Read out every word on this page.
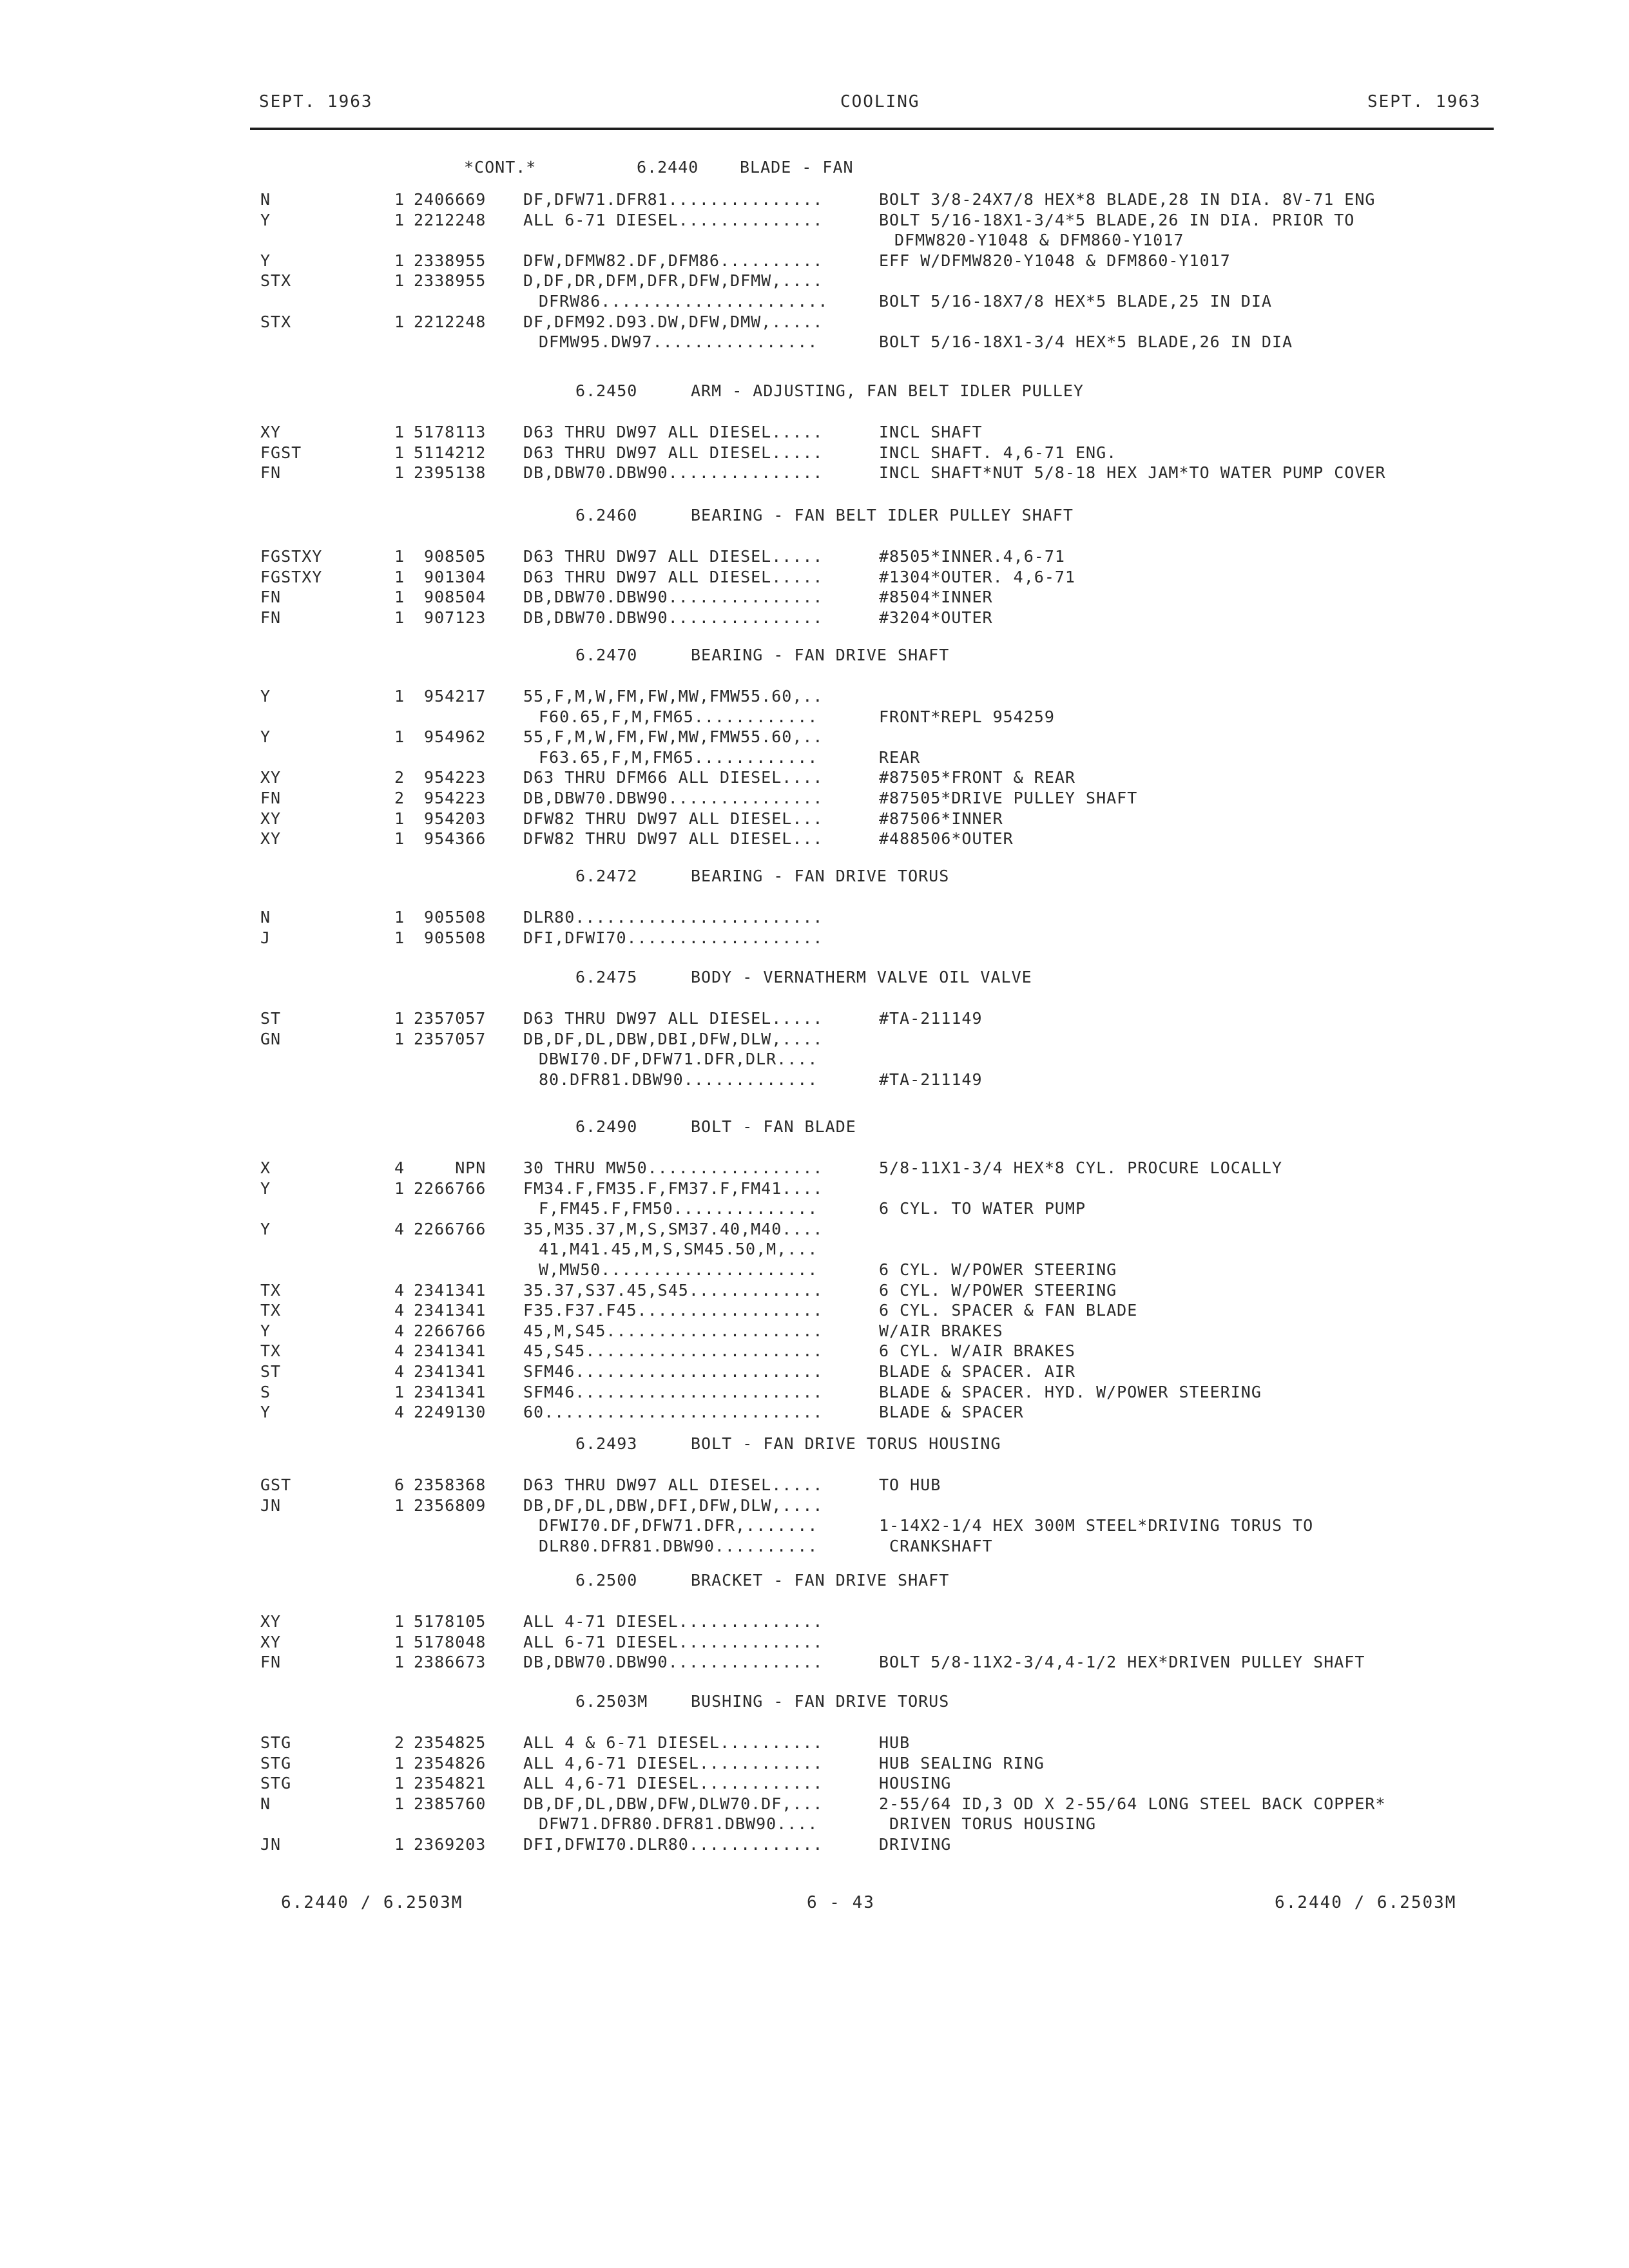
SEPT. 1963	COOLING	SEPT. 1963
*CONT.*	6.2440	BLADE - FAN
N	1 2406669 DF,DFW71.DFR81...............	BOLT 3/8-24X7/8 HEX*8 BLADE,28 IN DIA. 8V-71 ENG
Y	1 2212248 ALL 6-71 DIESEL..............	BOLT 5/16-18X1-3/4*5 BLADE,26 IN DIA. PRIOR TO
DFMW820-Y1048 & DFM860-Y1017
Y	1 2338955 DFW,DFMW82.DF,DFM86..........	EFF W/DFMW820-Y1048 & DFM860-Y1017
STX	1 2338955 D,DF,DR,DFM,DFR,DFW,DFMW,....
DFRW86......................	BOLT 5/16-18X7/8 HEX*5 BLADE,25 IN DIA
STX	1 2212248 DF,DFM92.D93.DW,DFW,DMW,.....
DFMW95.DW97................	BOLT 5/16-18X1-3/4 HEX*5 BLADE,26 IN DIA
6.2450	ARM - ADJUSTING, FAN BELT IDLER PULLEY
XY	1 5178113 D63 THRU DW97 ALL DIESEL.....	INCL SHAFT
FGST	1 5114212 D63 THRU DW97 ALL DIESEL.....	INCL SHAFT. 4,6-71 ENG.
FN	1 2395138 DB,DBW70.DBW90...............	INCL SHAFT*NUT 5/8-18 HEX JAM*TO WATER PUMP COVER
6.2460	BEARING - FAN BELT IDLER PULLEY SHAFT
FGSTXY	1 908505 D63 THRU DW97 ALL DIESEL.....	#8505*INNER.4,6-71
FGSTXY	1 901304 D63 THRU DW97 ALL DIESEL.....	#1304*OUTER. 4,6-71
FN	1 908504 DB,DBW70.DBW90...............	#8504*INNER
FN	1 907123 DB,DBW70.DBW90...............	#3204*OUTER
6.2470	BEARING - FAN DRIVE SHAFT
Y	1 954217 55,F,M,W,FM,FW,MW,FMW55.60,..
F60.65,F,M,FM65............	FRONT*REPL 954259
Y	1 954962 55,F,M,W,FM,FW,MW,FMW55.60,..
F63.65,F,M,FM65............	REAR
XY	2 954223 D63 THRU DFM66 ALL DIESEL....	#87505*FRONT & REAR
FN	2 954223 DB,DBW70.DBW90...............	#87505*DRIVE PULLEY SHAFT
XY	1 954203 DFW82 THRU DW97 ALL DIESEL...	#87506*INNER
XY	1 954366 DFW82 THRU DW97 ALL DIESEL...	#488506*OUTER
6.2472	BEARING - FAN DRIVE TORUS
N	1 905508 DLR80........................
J	1 905508 DFI,DFWI70...................
6.2475	BODY - VERNATHERM VALVE OIL VALVE
ST	1 2357057 D63 THRU DW97 ALL DIESEL.....	#TA-211149
GN	1 2357057 DB,DF,DL,DBW,DBI,DFW,DLW,....
DBWI70.DF,DFW71.DFR,DLR....
80.DFR81.DBW90.............	#TA-211149
6.2490	BOLT - FAN BLADE
X	4 NPN 30 THRU MW50.................	5/8-11X1-3/4 HEX*8 CYL. PROCURE LOCALLY
Y	1 2266766 FM34.F,FM35.F,FM37.F,FM41....
F,FM45.F,FM50..............	6 CYL. TO WATER PUMP
Y	4 2266766 35,M35.37,M,S,SM37.40,M40....
41,M41.45,M,S,SM45.50,M,...
W,MW50.....................	6 CYL. W/POWER STEERING
TX	4 2341341 35.37,S37.45,S45.............	6 CYL. W/POWER STEERING
TX	4 2341341 F35.F37.F45..................	6 CYL. SPACER & FAN BLADE
Y	4 2266766 45,M,S45.....................	W/AIR BRAKES
TX	4 2341341 45,S45.......................	6 CYL. W/AIR BRAKES
ST	4 2341341 SFM46........................	BLADE & SPACER. AIR
S	1 2341341 SFM46........................	BLADE & SPACER. HYD. W/POWER STEERING
Y	4 2249130 60...........................	BLADE & SPACER
6.2493	BOLT - FAN DRIVE TORUS HOUSING
GST	6 2358368 D63 THRU DW97 ALL DIESEL.....	TO HUB
JN	1 2356809 DB,DF,DL,DBW,DFI,DFW,DLW,....
DFWI70.DF,DFW71.DFR,.......	1-14X2-1/4 HEX 300M STEEL*DRIVING TORUS TO
DLR80.DFR81.DBW90..........	CRANKSHAFT
6.2500	BRACKET - FAN DRIVE SHAFT
XY	1 5178105 ALL 4-71 DIESEL..............
XY	1 5178048 ALL 6-71 DIESEL..............
FN	1 2386673 DB,DBW70.DBW90...............	BOLT 5/8-11X2-3/4,4-1/2 HEX*DRIVEN PULLEY SHAFT
6.2503M	BUSHING - FAN DRIVE TORUS
STG	2 2354825 ALL 4 & 6-71 DIESEL..........	HUB
STG	1 2354826 ALL 4,6-71 DIESEL............	HUB SEALING RING
STG	1 2354821 ALL 4,6-71 DIESEL............	HOUSING
N	1 2385760 DB,DF,DL,DBW,DFW,DLW70.DF,...	2-55/64 ID,3 OD X 2-55/64 LONG STEEL BACK COPPER*
DFW71.DFR80.DFR81.DBW90....	DRIVEN TORUS HOUSING
JN	1 2369203 DFI,DFWI70.DLR80.............	DRIVING
6.2440 / 6.2503M	6 - 43	6.2440 / 6.2503M
